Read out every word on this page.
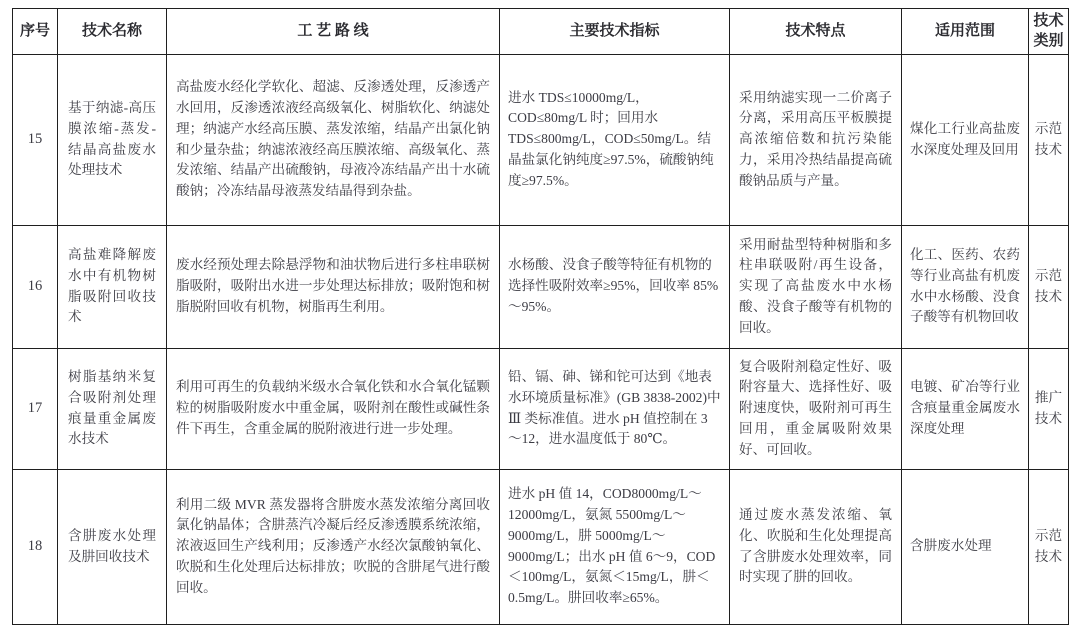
序号	技术名称	工 艺 路 线	主要技术指标	技术特点	适用范围	技术类别
15	基于纳滤-高压膜浓缩-蒸发-结晶高盐废水处理技术	高盐废水经化学软化、超滤、反渗透处理，反渗透产水回用，反渗透浓液经高级氧化、树脂软化、纳滤处理；纳滤产水经高压膜、蒸发浓缩，结晶产出氯化钠和少量杂盐；纳滤浓液经高压膜浓缩、高级氧化、蒸发浓缩、结晶产出硫酸钠，母液冷冻结晶产出十水硫酸钠；冷冻结晶母液蒸发结晶得到杂盐。	进水 TDS≤10000mg/L，COD≤80mg/L 时；回用水 TDS≤800mg/L，COD≤50mg/L。结晶盐氯化钠纯度≥97.5%，硫酸钠纯度≥97.5%。	采用纳滤实现一二价离子分离，采用高压平板膜提高浓缩倍数和抗污染能力，采用冷热结晶提高硫酸钠品质与产量。	煤化工行业高盐废水深度处理及回用	示范技术
16	高盐难降解废水中有机物树脂吸附回收技术	废水经预处理去除悬浮物和油状物后进行多柱串联树脂吸附，吸附出水进一步处理达标排放；吸附饱和树脂脱附回收有机物，树脂再生利用。	水杨酸、没食子酸等特征有机物的选择性吸附效率≥95%，回收率 85%～95%。	采用耐盐型特种树脂和多柱串联吸附/再生设备，实现了高盐废水中水杨酸、没食子酸等有机物的回收。	化工、医药、农药等行业高盐有机废水中水杨酸、没食子酸等有机物回收	示范技术
17	树脂基纳米复合吸附剂处理痕量重金属废水技术	利用可再生的负载纳米级水合氧化铁和水合氧化锰颗粒的树脂吸附废水中重金属，吸附剂在酸性或碱性条件下再生，含重金属的脱附液进行进一步处理。	铅、镉、砷、锑和铊可达到《地表水环境质量标准》(GB 3838-2002)中 Ⅲ 类标准值。进水 pH 值控制在 3～12，进水温度低于 80℃。	复合吸附剂稳定性好、吸附容量大、选择性好、吸附速度快，吸附剂可再生回用，重金属吸附效果好、可回收。	电镀、矿冶等行业含痕量重金属废水深度处理	推广技术
18	含肼废水处理及肼回收技术	利用二级 MVR 蒸发器将含肼废水蒸发浓缩分离回收氯化钠晶体；含肼蒸汽冷凝后经反渗透膜系统浓缩，浓液返回生产线利用；反渗透产水经次氯酸钠氧化、吹脱和生化处理后达标排放；吹脱的含肼尾气进行酸回收。	进水 pH 值 14，COD8000mg/L～12000mg/L，氨氮 5500mg/L～9000mg/L，肼 5000mg/L～9000mg/L；出水 pH 值 6～9，COD＜100mg/L，氨氮＜15mg/L，肼＜0.5mg/L。肼回收率≥65%。	通过废水蒸发浓缩、氧化、吹脱和生化处理提高了含肼废水处理效率，同时实现了肼的回收。	含肼废水处理	示范技术
